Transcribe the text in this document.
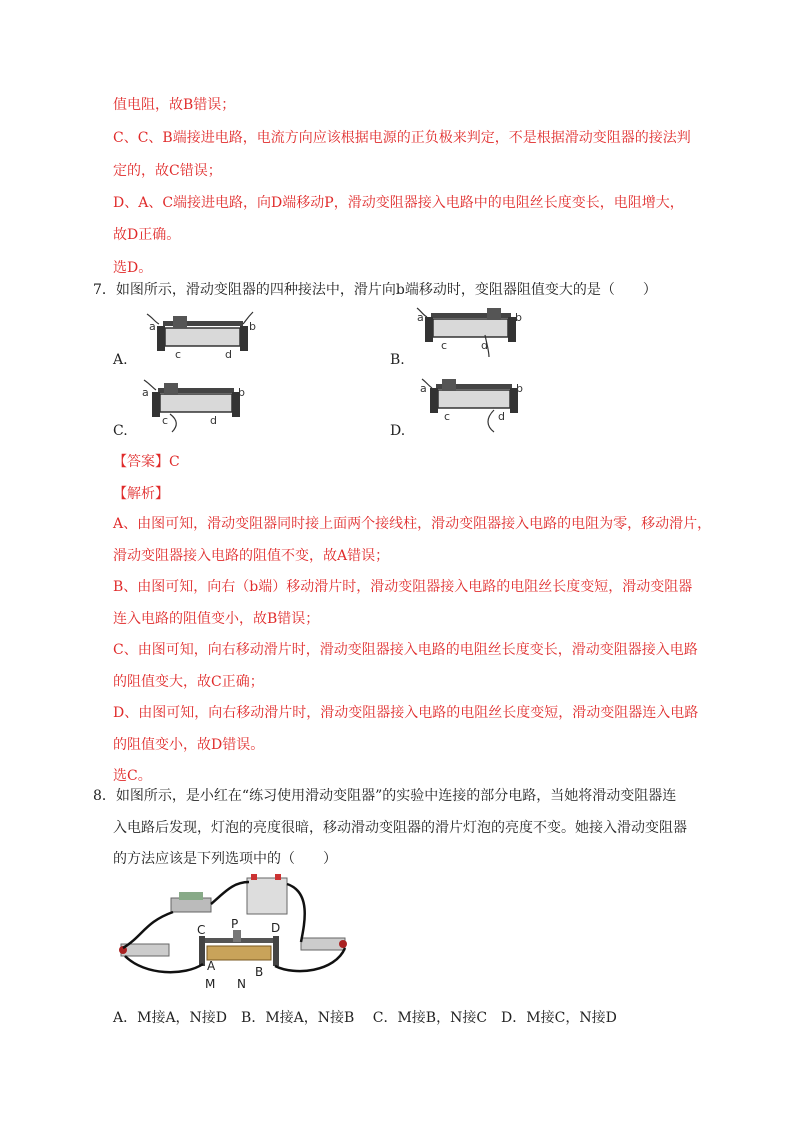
值电阻，故B错误；
C、C、B端接进电路，电流方向应该根据电源的正负极来判定，不是根据滑动变阻器的接法判
定的，故C错误；
D、A、C端接进电路，向D端移动P，滑动变阻器接入电路中的电阻丝长度变长，电阻增大，
故D正确。
选D。
7．如图所示，滑动变阻器的四种接法中，滑片向b端移动时，变阻器阻值变大的是（　　）
A.
a	b
c	d	B.
a	b
c	d
C.
a	b
c	d
D.
a	b
c	d
【答案】C
【解析】
A、由图可知，滑动变阻器同时接上面两个接线柱，滑动变阻器接入电路的电阻为零，移动滑片，
滑动变阻器接入电路的阻值不变，故A错误；
B、由图可知，向右（b端）移动滑片时，滑动变阻器接入电路的电阻丝长度变短，滑动变阻器
连入电路的阻值变小，故B错误；
C、由图可知，向右移动滑片时，滑动变阻器接入电路的电阻丝长度变长，滑动变阻器接入电路
的阻值变大，故C正确；
D、由图可知，向右移动滑片时，滑动变阻器接入电路的电阻丝长度变短，滑动变阻器连入电路
的阻值变小，故D错误。
选C。
8．如图所示，是小红在“练习使用滑动变阻器”的实验中连接的部分电路，当她将滑动变阻器连
入电路后发现，灯泡的亮度很暗，移动滑动变阻器的滑片灯泡的亮度不变。她接入滑动变阻器
的方法应该是下列选项中的（　　）
C P	D
A	B
M N
A．M接A，N接D　B．M接A，N接B　 C．M接B，N接C　D．M接C，N接D
